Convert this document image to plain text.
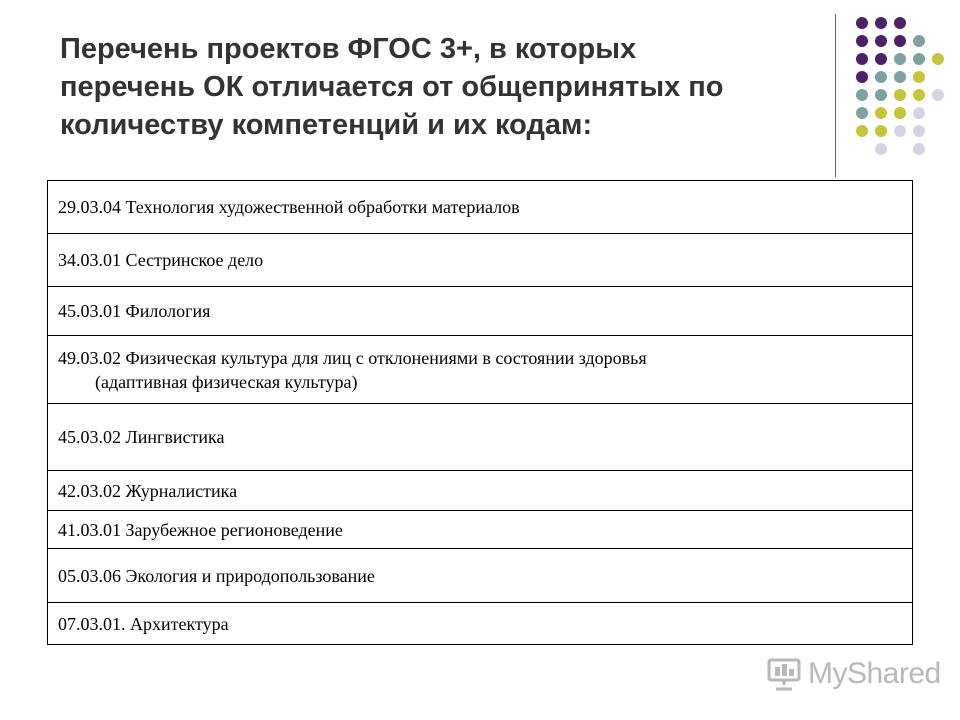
Перечень проектов ФГОС 3+, в которых
перечень ОК отличается от общепринятых по
количеству компетенций и их кодам:
29.03.04 Технология художественной обработки материалов
34.03.01 Сестринское дело
45.03.01 Филология
49.03.02 Физическая культура для лиц с отклонениями в состоянии здоровья
(адаптивная физическая культура)

45.03.02 Лингвистика
42.03.02 Журналистика
41.03.01 Зарубежное регионоведение
05.03.06 Экология и природопользование
07.03.01. Архитектура
MyShared
